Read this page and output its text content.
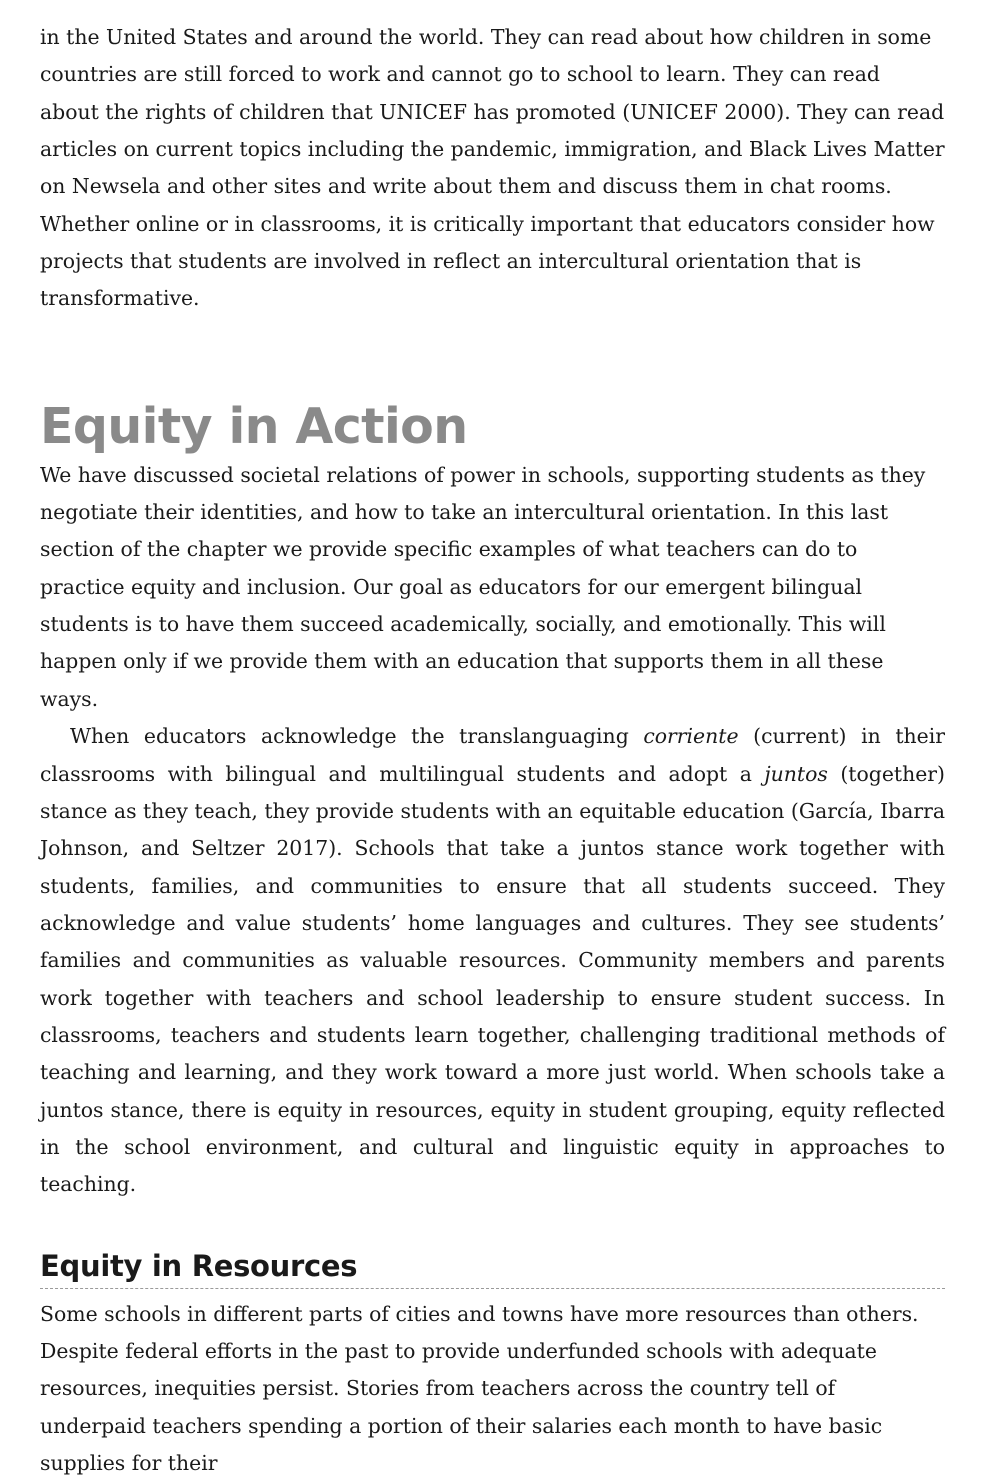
in the United States and around the world. They can read about how children in some countries are still forced to work and cannot go to school to learn. They can read about the rights of children that UNICEF has promoted (UNICEF 2000). They can read articles on current topics including the pandemic, immigration, and Black Lives Matter on Newsela and other sites and write about them and discuss them in chat rooms. Whether online or in classrooms, it is critically important that educators consider how projects that students are involved in reflect an intercultural orientation that is transformative.

Equity in Action

We have discussed societal relations of power in schools, supporting students as they negotiate their identities, and how to take an intercultural orientation. In this last section of the chapter we provide specific examples of what teachers can do to practice equity and inclusion. Our goal as educators for our emergent bilingual students is to have them succeed academically, socially, and emotionally. This will happen only if we provide them with an education that supports them in all these ways.

When educators acknowledge the translanguaging corriente (current) in their classrooms with bilingual and multilingual students and adopt a juntos (together) stance as they teach, they provide students with an equitable education (García, Ibarra Johnson, and Seltzer 2017). Schools that take a juntos stance work together with students, families, and communities to ensure that all students succeed. They acknowledge and value students’ home languages and cultures. They see students’ families and communities as valuable resources. Community members and parents work together with teachers and school leadership to ensure student success. In classrooms, teachers and students learn together, challenging traditional methods of teaching and learning, and they work toward a more just world. When schools take a juntos stance, there is equity in resources, equity in student grouping, equity reflected in the school environment, and cultural and linguistic equity in approaches to teaching.

Equity in Resources

Some schools in different parts of cities and towns have more resources than others. Despite federal efforts in the past to provide underfunded schools with adequate resources, inequities persist. Stories from teachers across the country tell of underpaid teachers spending a portion of their salaries each month to have basic supplies for their
